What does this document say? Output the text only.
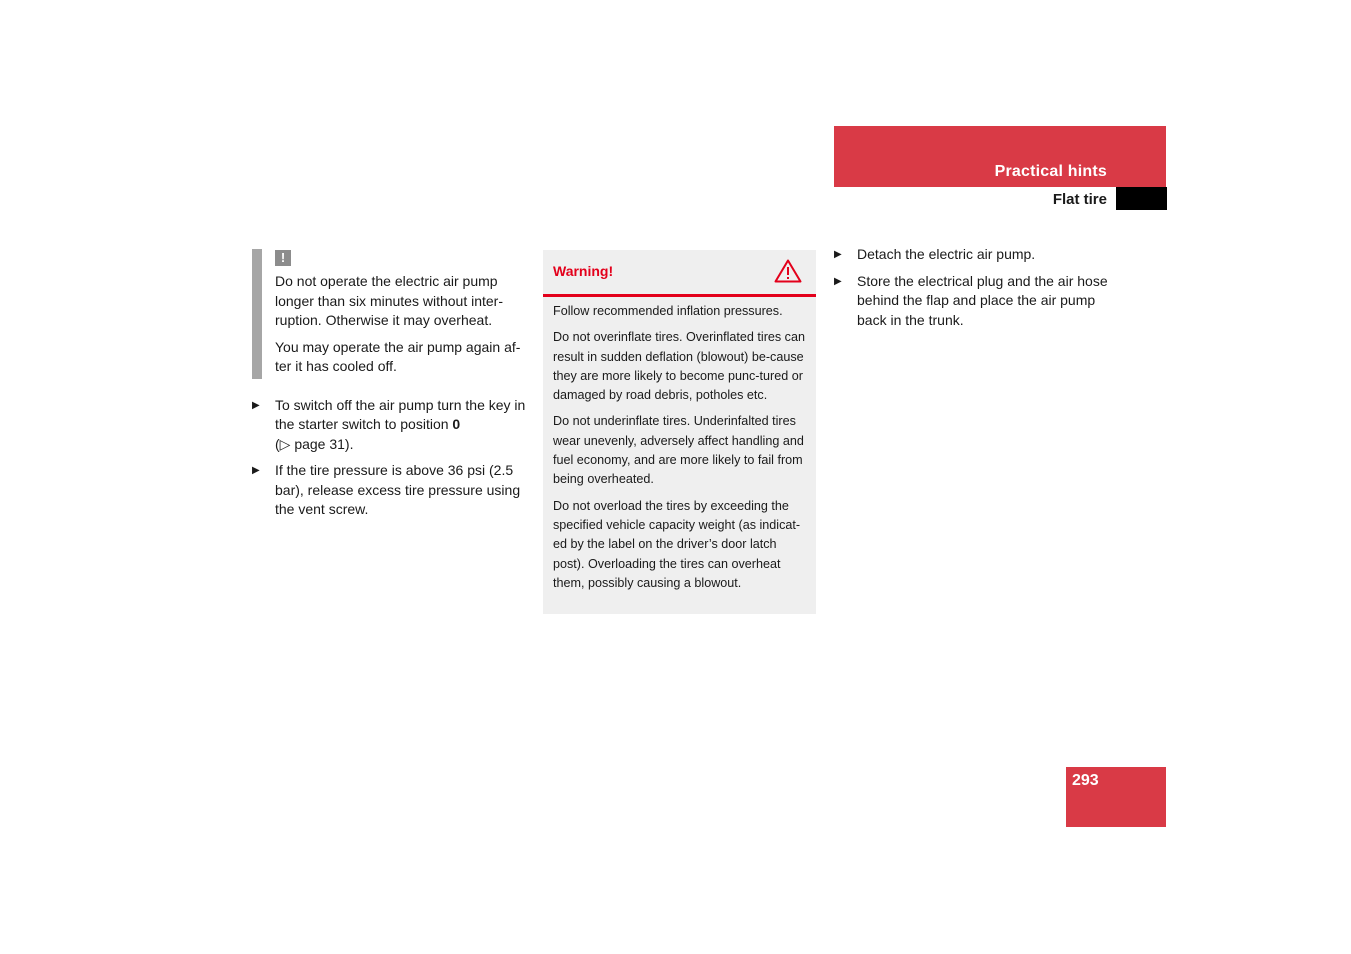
Practical hints
Flat tire
!

Do not operate the electric air pump longer than six minutes without inter-ruption. Otherwise it may overheat.

You may operate the air pump again af-ter it has cooled off.

▶ To switch off the air pump turn the key in the starter switch to position 0
(▷ page 31).
▶ If the tire pressure is above 36 psi (2.5 bar), release excess tire pressure using the vent screw.
Warning!

Follow recommended inflation pressures.

Do not overinflate tires. Overinflated tires can result in sudden deflation (blowout) be-cause they are more likely to become punc-tured or damaged by road debris, potholes etc.

Do not underinflate tires. Underinfalted tires wear unevenly, adversely affect handling and fuel economy, and are more likely to fail from being overheated.

Do not overload the tires by exceeding the specified vehicle capacity weight (as indicat-ed by the label on the driver’s door latch post). Overloading the tires can overheat them, possibly causing a blowout.

▶ Detach the electric air pump.
▶ Store the electrical plug and the air hose behind the flap and place the air pump back in the trunk.
293
